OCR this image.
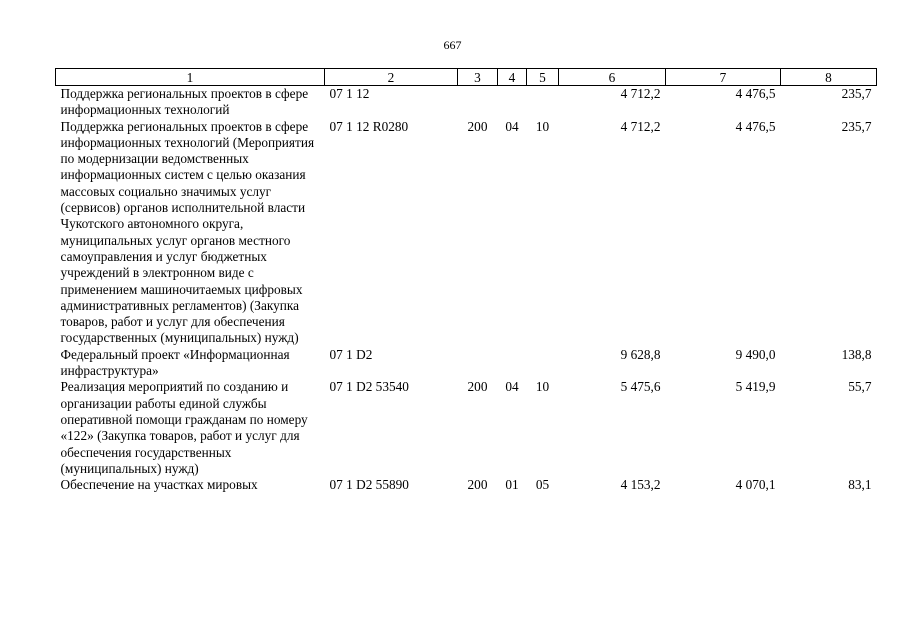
667
1	2	3	4	5	6	7	8
Поддержка региональных проектов в сфере информационных технологий	07 1 12				4 712,2	4 476,5	235,7
Поддержка региональных проектов в сфере информационных технологий (Мероприятия по модернизации ведомственных информационных систем с целью оказания массовых социально значимых услуг (сервисов) органов исполнительной власти Чукотского автономного округа, муниципальных услуг органов местного самоуправления и услуг бюджетных учреждений в электронном виде с применением машиночитаемых цифровых административных регламентов) (Закупка товаров, работ и услуг для обеспечения государственных (муниципальных) нужд)	07 1 12 R0280	200	04	10	4 712,2	4 476,5	235,7
Федеральный проект «Информационная инфраструктура»	07 1 D2				9 628,8	9 490,0	138,8
Реализация мероприятий по созданию и организации работы единой службы оперативной помощи гражданам по номеру «122» (Закупка товаров, работ и услуг для обеспечения государственных (муниципальных) нужд)	07 1 D2 53540	200	04	10	5 475,6	5 419,9	55,7
Обеспечение на участках мировых	07 1 D2 55890	200	01	05	4 153,2	4 070,1	83,1
